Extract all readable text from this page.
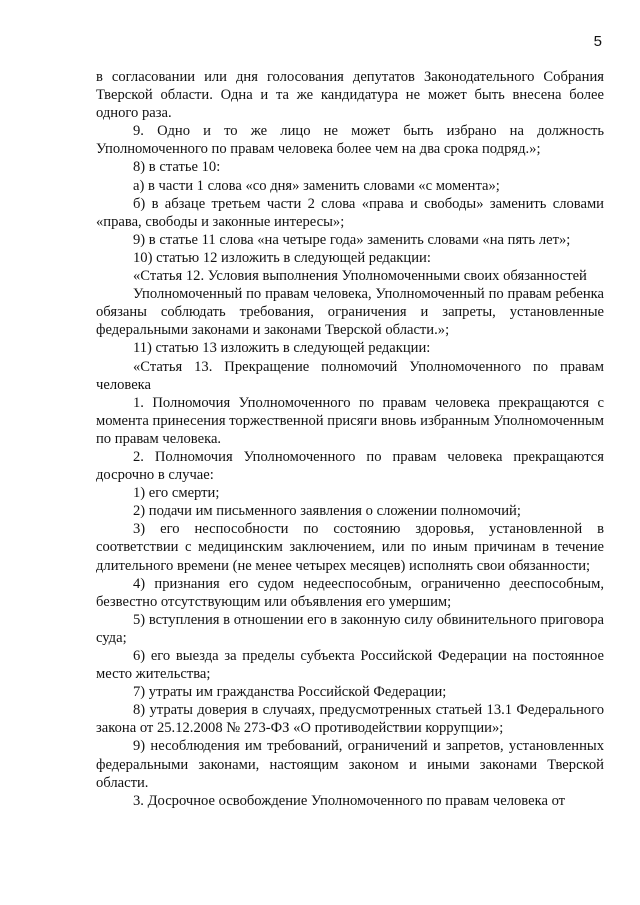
5

в согласовании или дня голосования депутатов Законодательного Собрания Тверской области. Одна и та же кандидатура не может быть внесена более одного раза.

9. Одно и то же лицо не может быть избрано на должность Уполномоченного по правам человека более чем на два срока подряд.»;

8) в статье 10:

а) в части 1 слова «со дня» заменить словами «с момента»;

б) в абзаце третьем части 2 слова «права и свободы» заменить словами «права, свободы и законные интересы»;

9) в статье 11 слова «на четыре года» заменить словами «на пять лет»;

10) статью 12 изложить в следующей редакции:

«Статья 12. Условия выполнения Уполномоченными своих обязанностей

Уполномоченный по правам человека, Уполномоченный по правам ребенка обязаны соблюдать требования, ограничения и запреты, установленные федеральными законами и законами Тверской области.»;

11) статью 13 изложить в следующей редакции:

«Статья 13. Прекращение полномочий Уполномоченного по правам человека

1. Полномочия Уполномоченного по правам человека прекращаются с момента принесения торжественной присяги вновь избранным Уполномоченным по правам человека.

2. Полномочия Уполномоченного по правам человека прекращаются досрочно в случае:

1) его смерти;

2) подачи им письменного заявления о сложении полномочий;

3) его неспособности по состоянию здоровья, установленной в соответствии с медицинским заключением, или по иным причинам в течение длительного времени (не менее четырех месяцев) исполнять свои обязанности;

4) признания его судом недееспособным, ограниченно дееспособным, безвестно отсутствующим или объявления его умершим;

5) вступления в отношении его в законную силу обвинительного приговора суда;

6) его выезда за пределы субъекта Российской Федерации на постоянное место жительства;

7) утраты им гражданства Российской Федерации;

8) утраты доверия в случаях, предусмотренных статьей 13.1 Федерального закона от 25.12.2008 № 273-ФЗ «О противодействии коррупции»;

9) несоблюдения им требований, ограничений и запретов, установленных федеральными законами, настоящим законом и иными законами Тверской области.

3. Досрочное освобождение Уполномоченного по правам человека от
